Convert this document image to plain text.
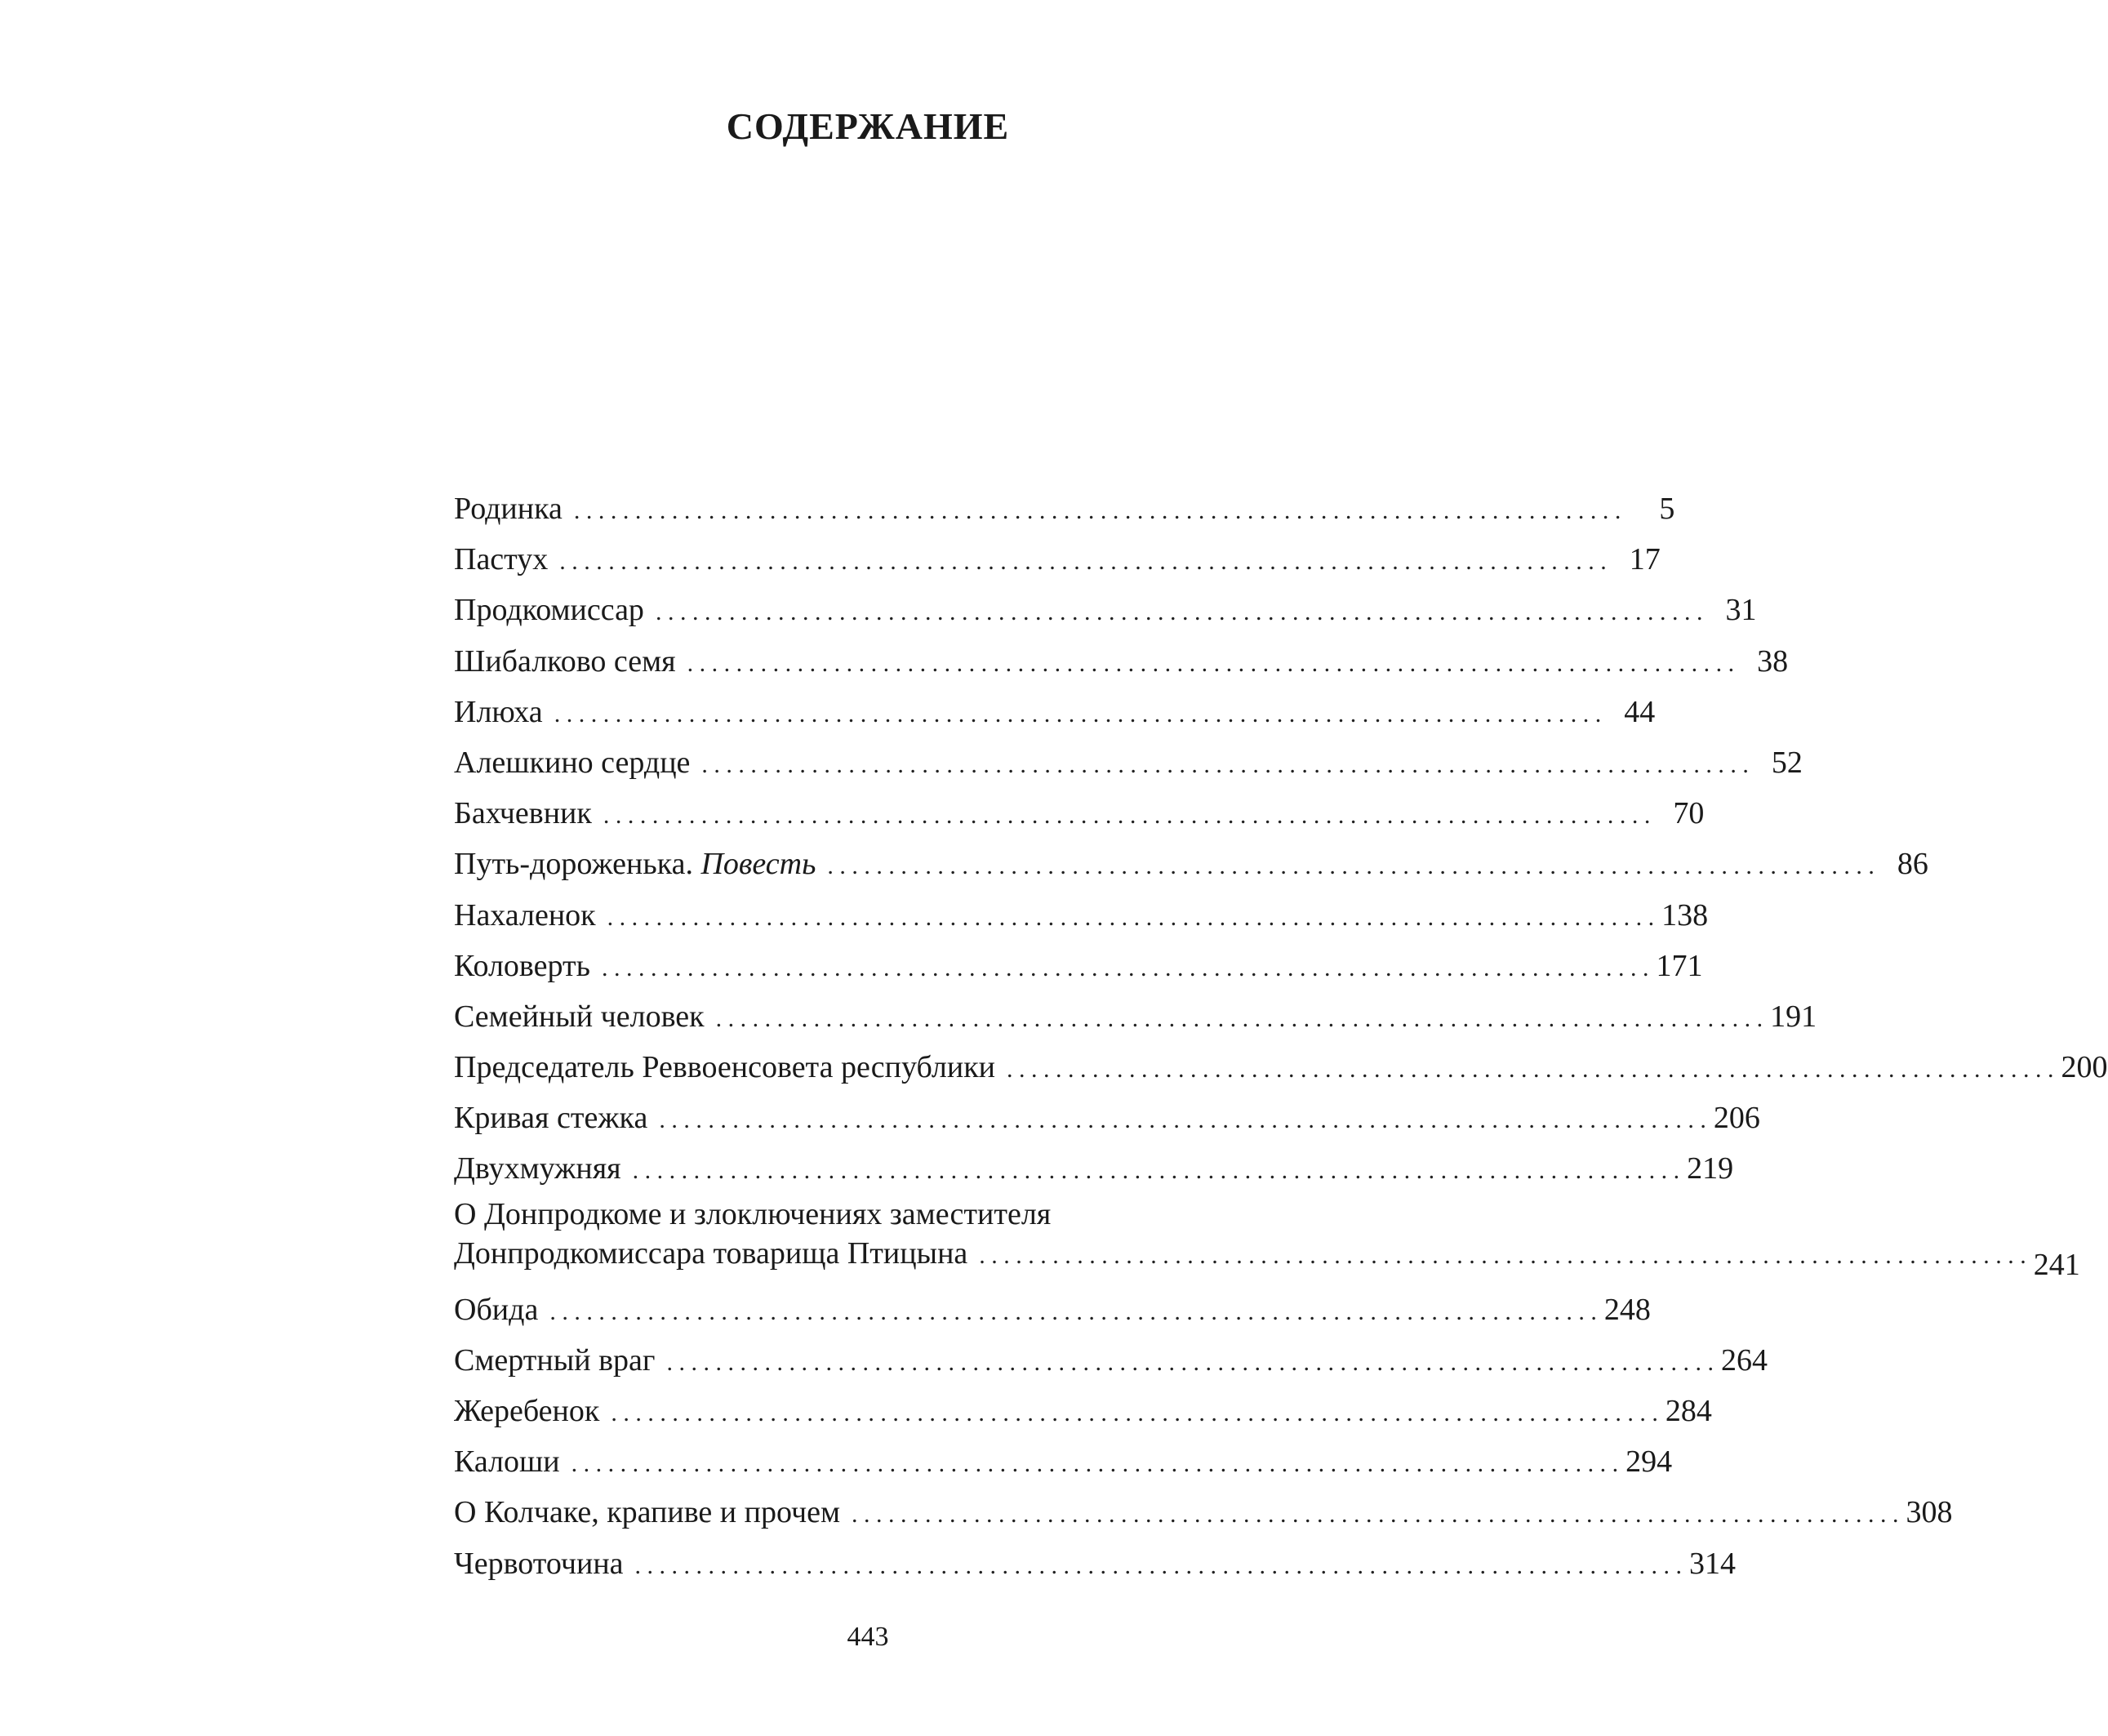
СОДЕРЖАНИЕ
Родинка . . .	5
Пастух . . .	17
Продкомиссар . . .	31
Шибалково семя . . .	38
Илюха . . .	44
Алешкино сердце . . .	52
Бахчевник . . .	70
Путь-дороженька. Повесть . . .	86
Нахаленок . . .	138
Коловерть . . .	171
Семейный человек . . .	191
Председатель Реввоенсовета республики . . .	200
Кривая стежка . . .	206
Двухмужняя . . .	219
О Донпродкоме и злоключениях заместителя
Донпродкомиссара товарища Птицына . . .	241
Обида . . .	248
Смертный враг . . .	264
Жеребенок . . .	284
Калоши . . .	294
О Колчаке, крапиве и прочем . . .	308
Червоточина . . .	314
443
